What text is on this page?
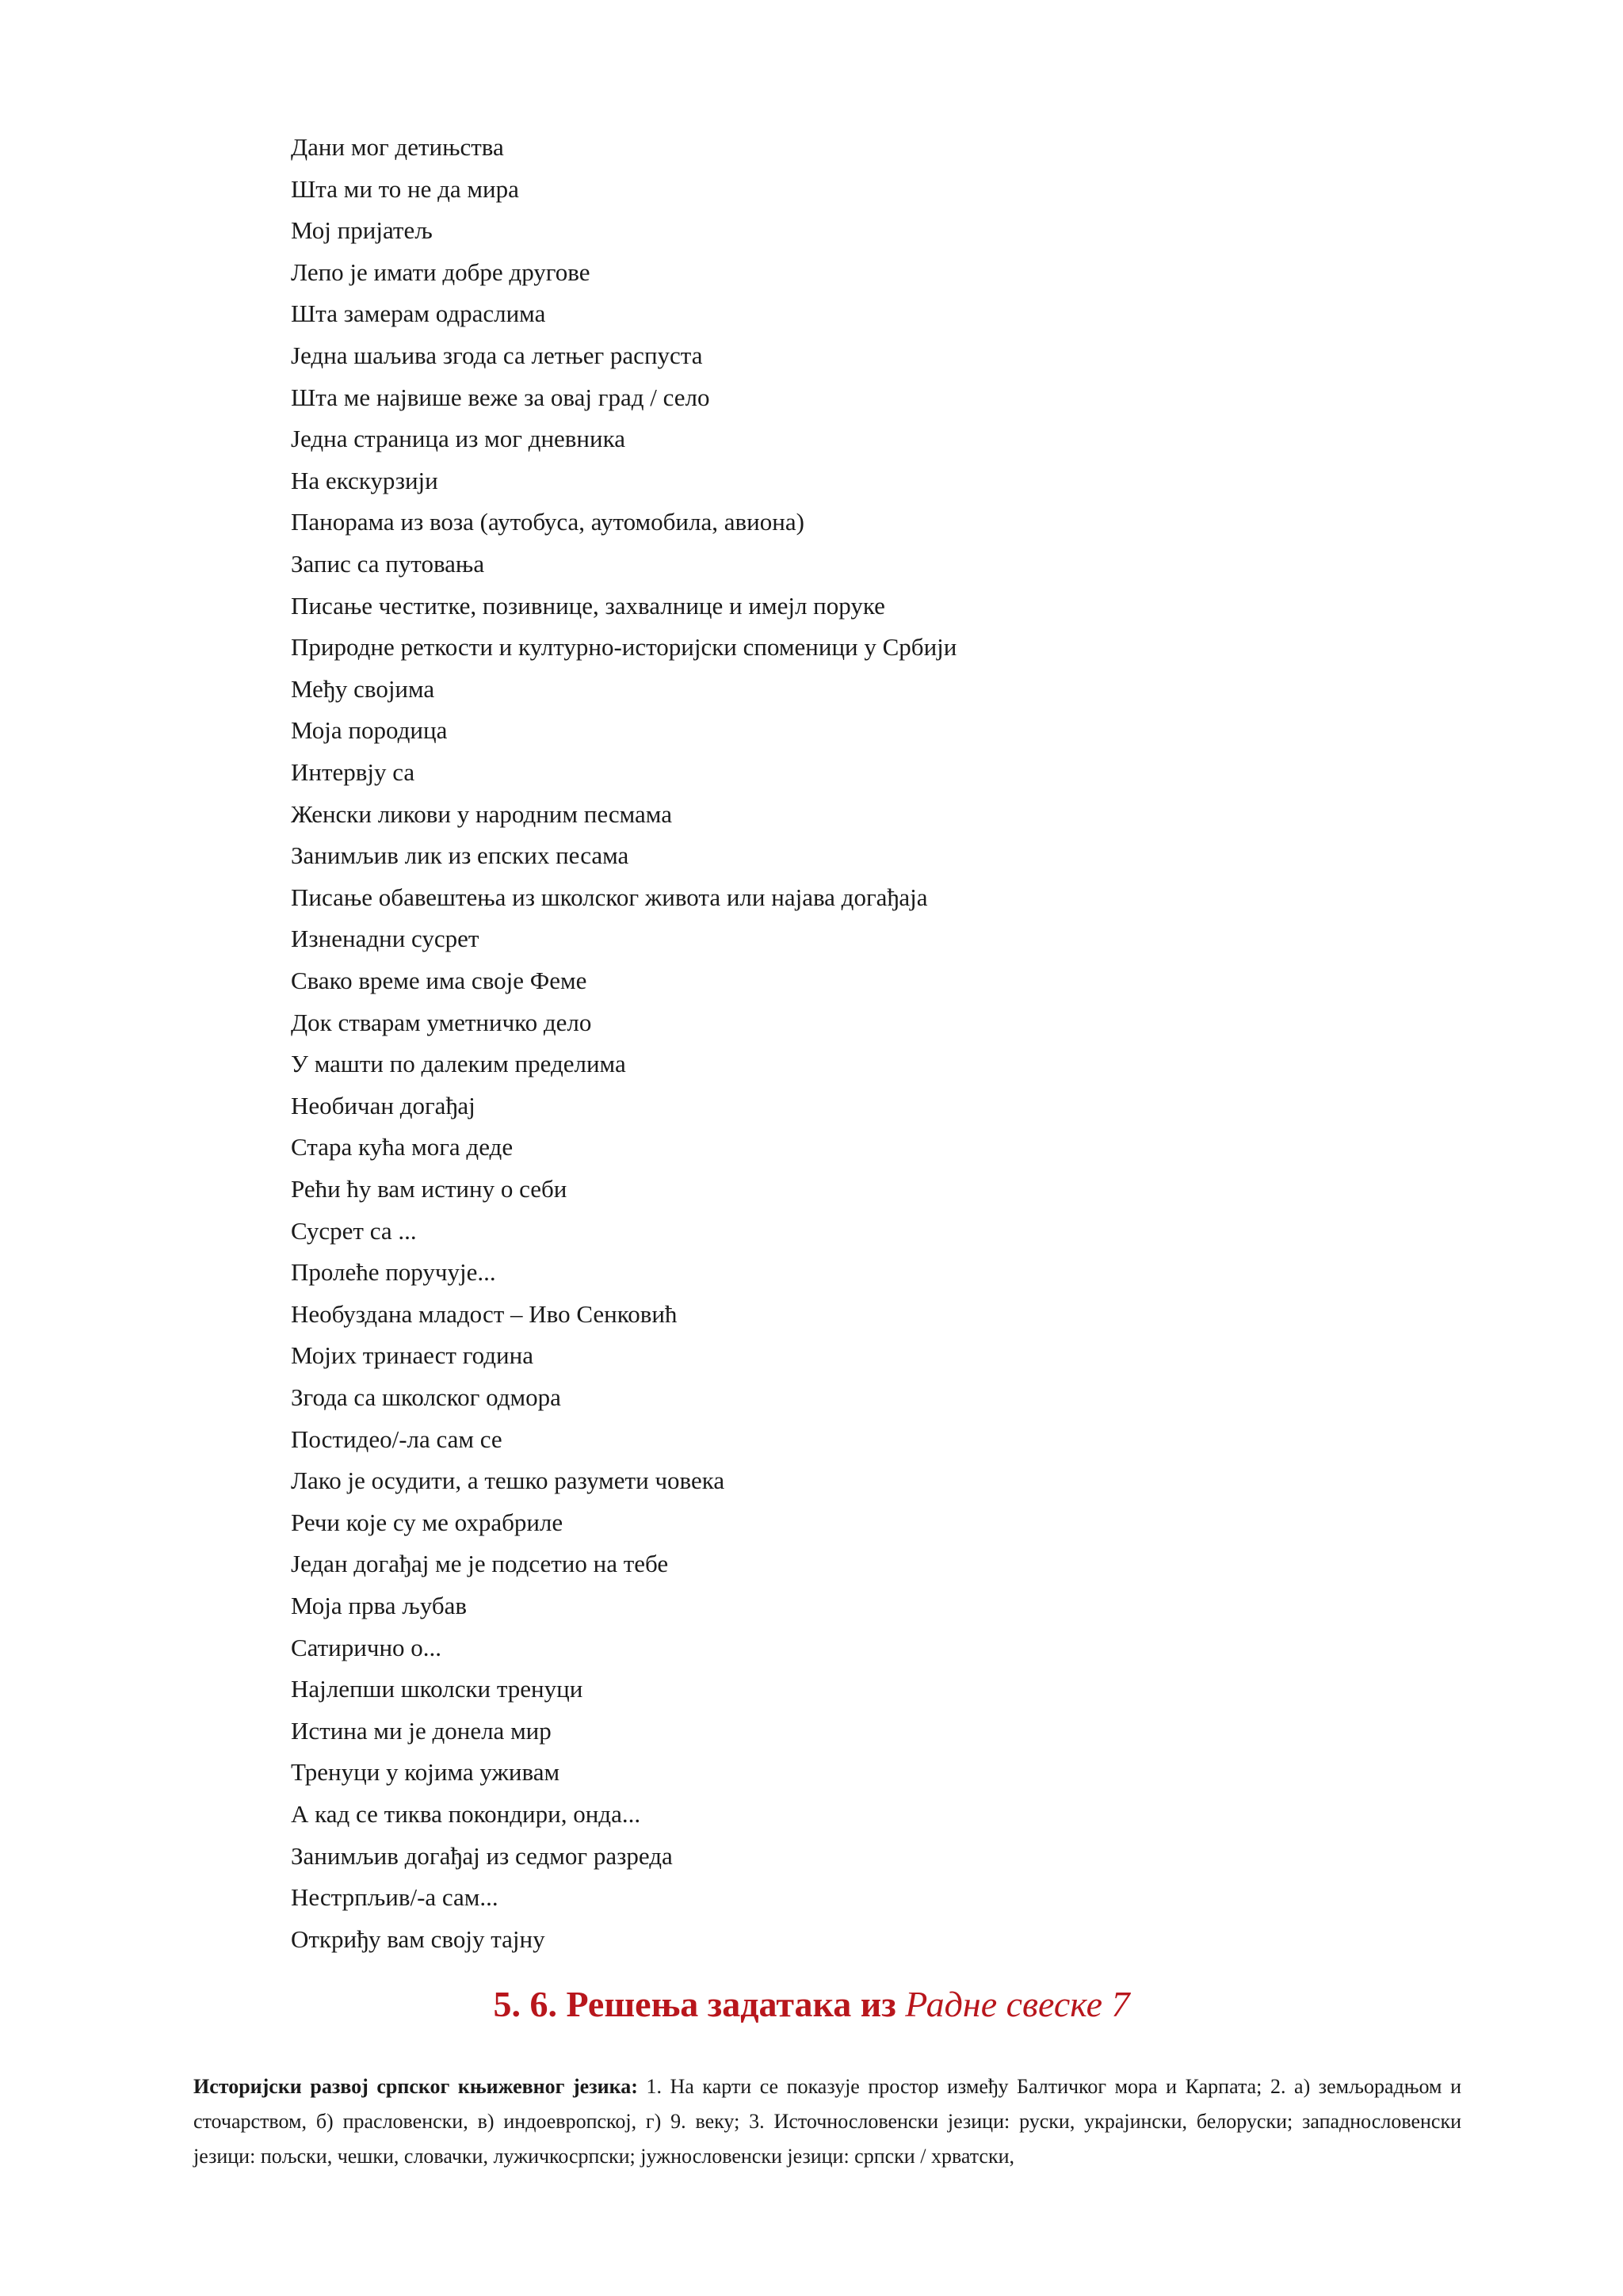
Дани мог детињства
Шта ми то не да мира
Мој пријатељ
Лепо је имати добре другове
Шта замерам одраслима
Једна шаљива згода са летњег распуста
Шта ме највише веже за овај град / село
Једна страница из мог дневника
На екскурзији
Панорама из воза (аутобуса, аутомобила, авиона)
Запис са путовања
Писање честитке, позивнице, захвалнице и имејл поруке
Природне реткости и културно-историјски споменици у Србији
Међу својима
Моја породица
Интервју са
Женски ликови у народним песмама
Занимљив лик из епских песама
Писање обавештења из школског живота или најава догађаја
Изненадни сусрет
Свако време има своје Феме
Док стварам уметничко дело
У машти по далеким пределима
Необичан догађај
Стара кућа мога деде
Рећи ћу вам истину о себи
Сусрет са ...
Пролеће поручује...
Необуздана младост – Иво Сенковић
Мојих тринаест година
Згода са школског одмора
Постидео/-ла сам се
Лако је осудити, а тешко разумети човека
Речи које су ме охрабриле
Један догађај ме је подсетио на тебе
Моја прва љубав
Сатирично о...
Најлепши школски тренуци
Истина ми је донела мир
Тренуци у којима уживам
А кад се тиква покондири, онда...
Занимљив догађај из седмог разреда
Нестрпљив/-а сам...
Откриђу вам своју тајну
5. 6. Решења задатака из Радне свеске 7

Историјски развој српског књижевног језика: 1. На карти се показује простор између Балтичког мора и Карпата; 2. а) земљорадњом и сточарством, б) прасловенски, в) индоевропској, г) 9. веку; 3. Источнословенски језици: руски, украјински, белоруски; западнословенски језици: пољски, чешки, словачки, лужичкосрпски; јужнословенски језици: српски / хрватски,
